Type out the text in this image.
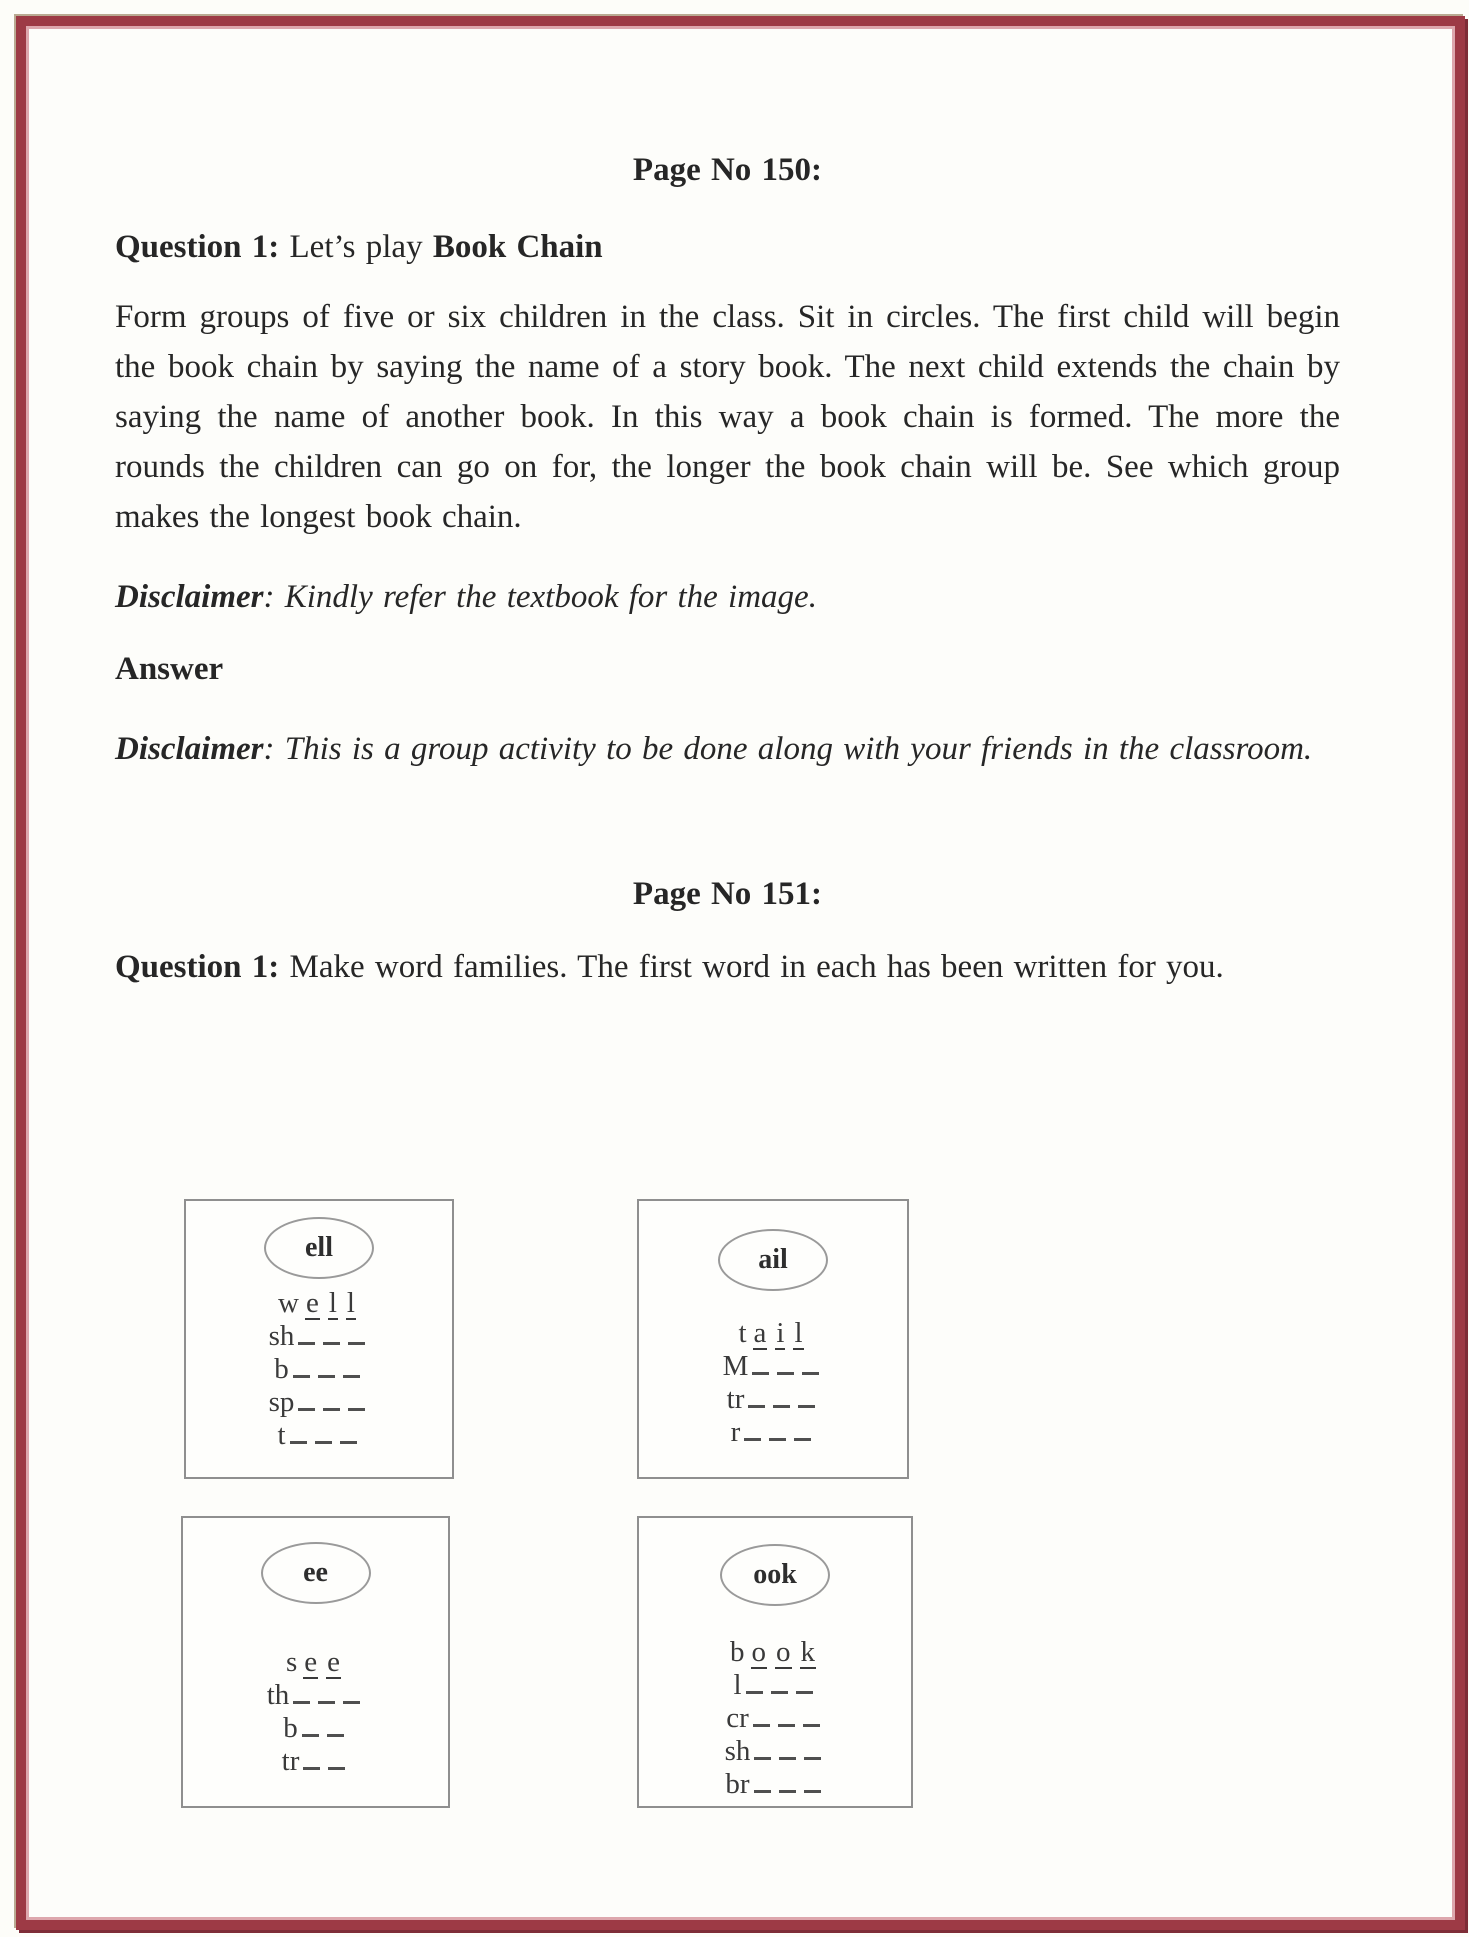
Page No 150:

Question 1: Let’s play Book Chain

Form groups of five or six children in the class. Sit in circles. The first child will begin the book chain by saying the name of a story book. The next child extends the chain by saying the name of another book. In this way a book chain is formed. The more the rounds the children can go on for, the longer the book chain will be. See which group makes the longest book chain.

Disclaimer: Kindly refer the textbook for the image.

Answer

Disclaimer: This is a group activity to be done along with your friends in the classroom.

Page No 151:

Question 1: Make word families. The first word in each has been written for you.

ell
w e l l
sh
b
sp
t
ail
t a i l
M
tr
r
ee
s e e
th
b
tr
ook
b o o k
l
cr
sh
br
